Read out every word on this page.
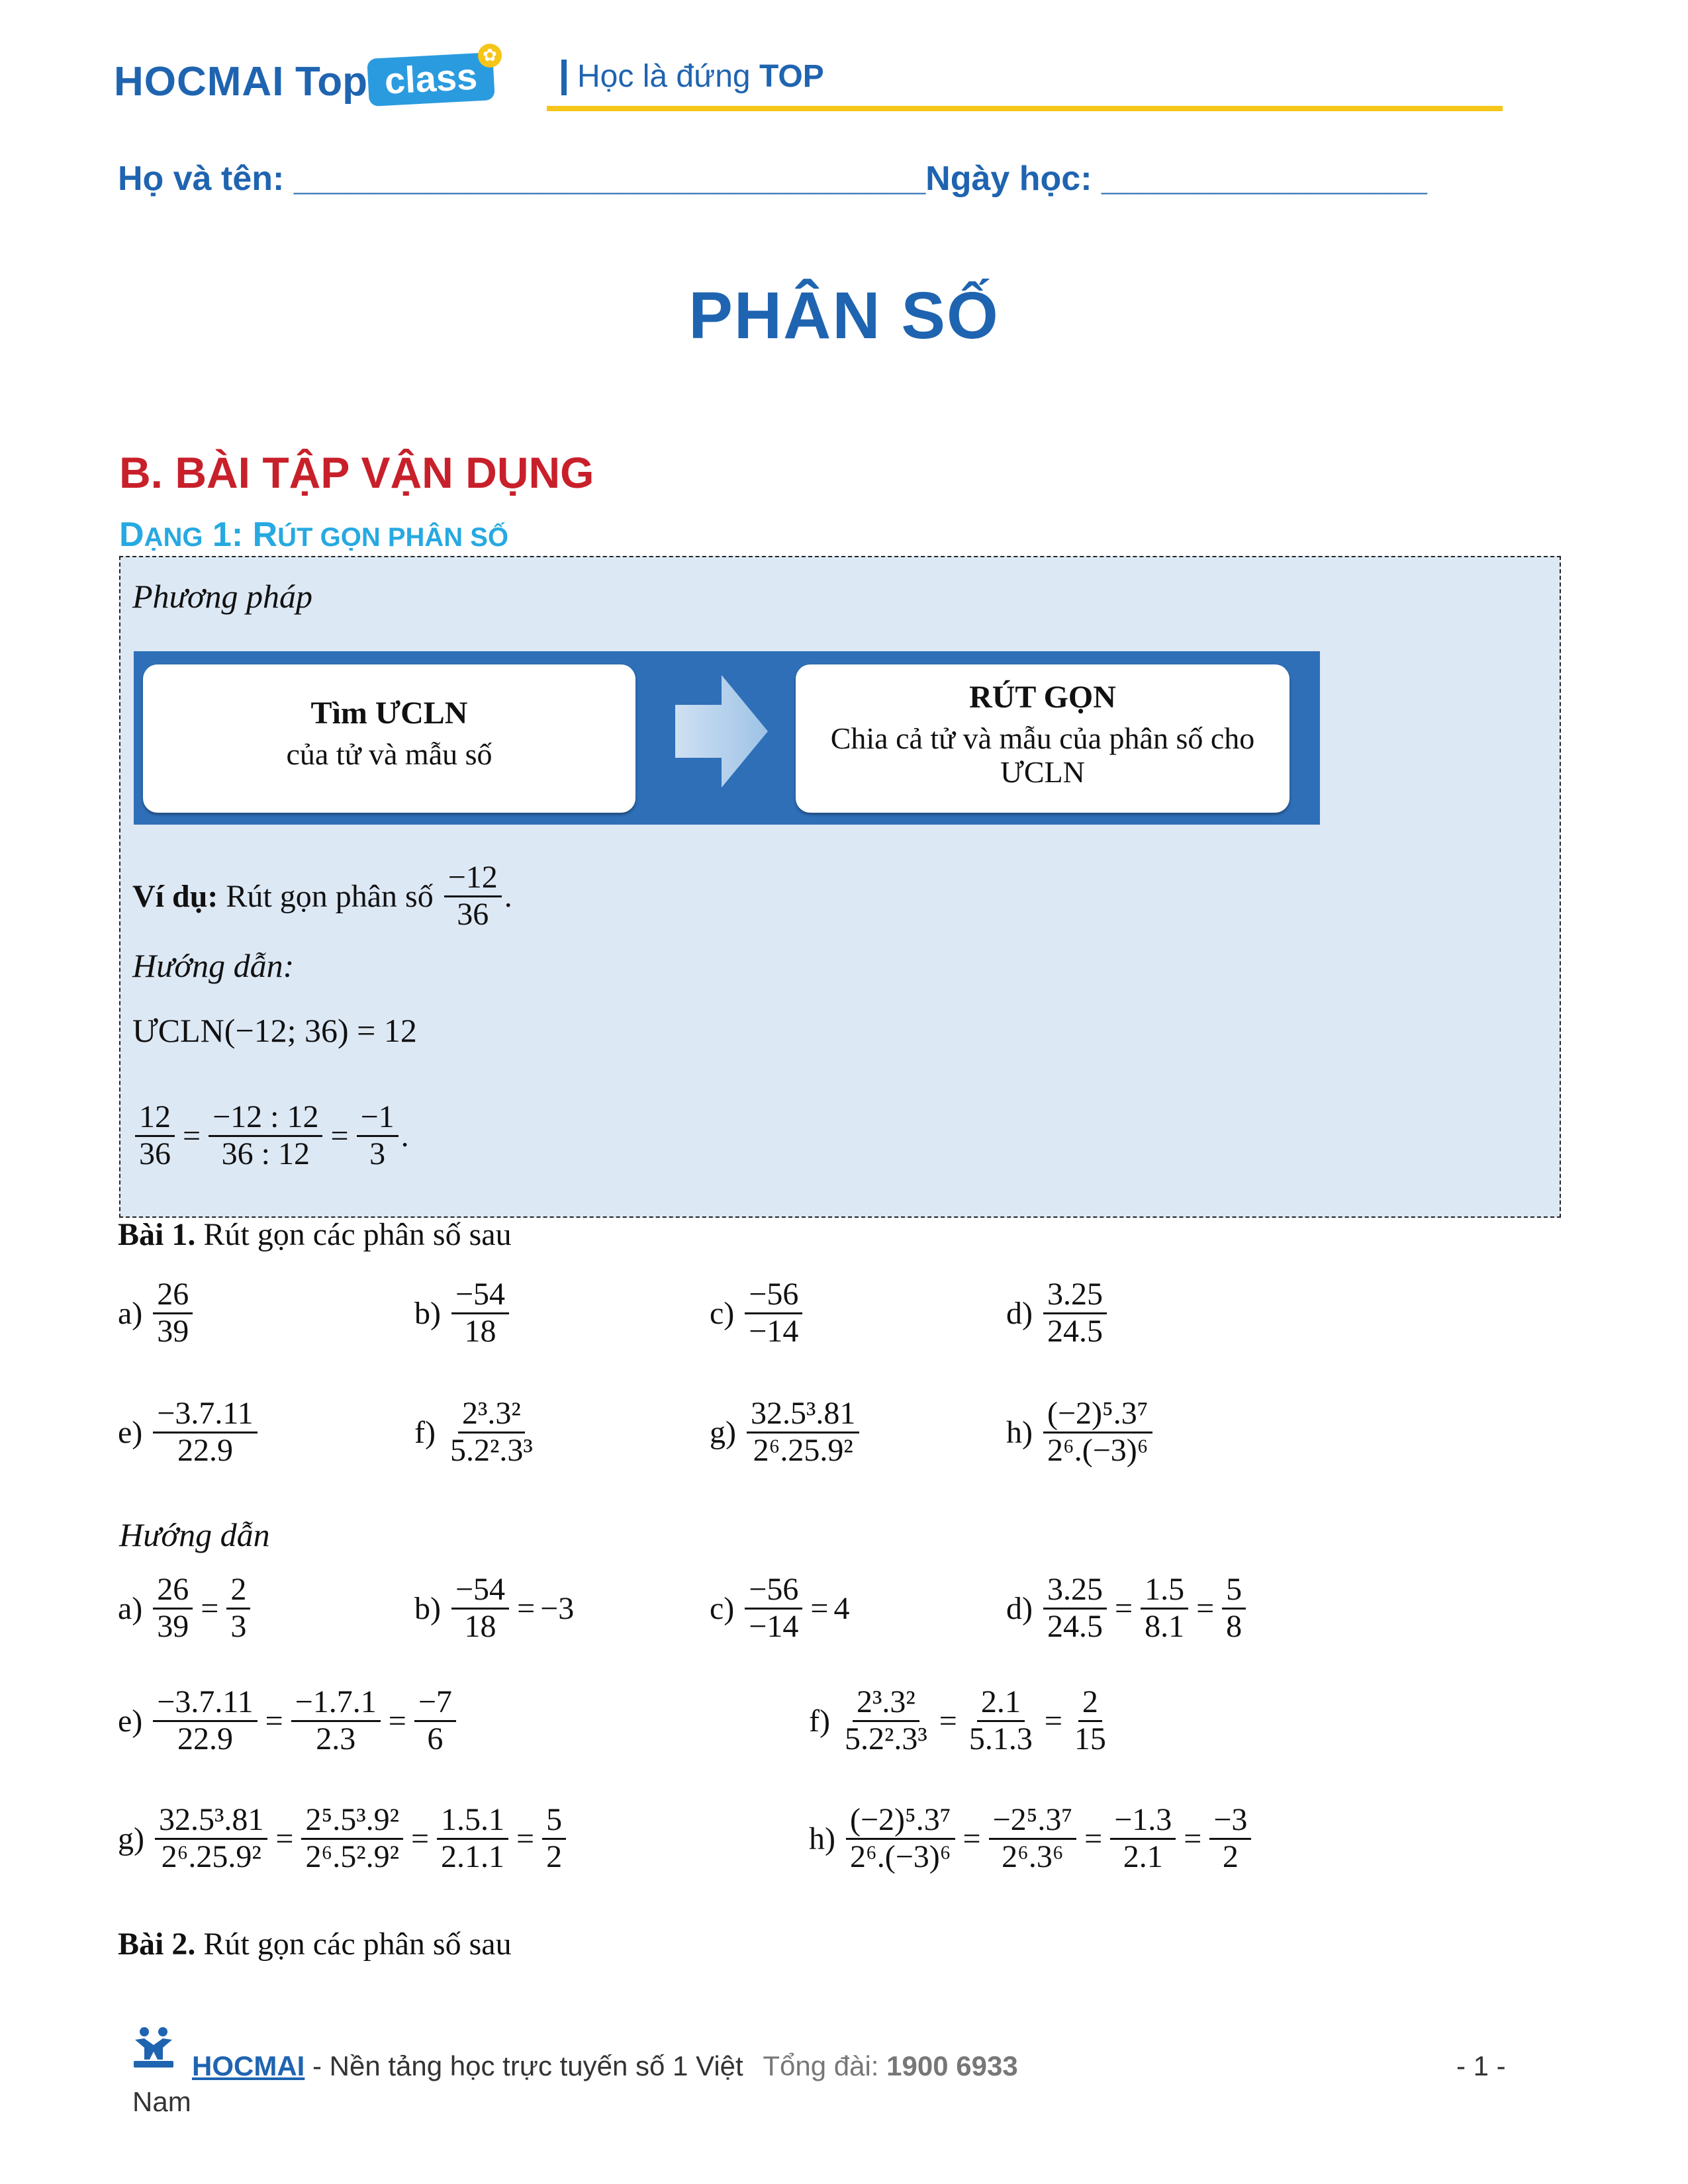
HOCMAI Top class ✿
Học là đứng TOP
Họ và tên: _________________________________Ngày học: _________________
PHÂN SỐ
B. BÀI TẬP VẬN DỤNG
DẠNG 1: RÚT GỌN PHÂN SỐ
Phương pháp
Tìm ƯCLN
của tử và mẫu số
RÚT GỌN
Chia cả tử và mẫu của phân số cho ƯCLN
Ví dụ: Rút gọn phân số $\frac{-12}{36}$ .
Hướng dẫn:
ƯCLN(−12; 36) = 12
$\frac{12}{36} = \frac{-12 : 12}{36 : 12} = \frac{-1}{3}$ .
Bài 1. Rút gọn các phân số sau
$a) \frac{26}{39}$	$b) \frac{-54}{18}$	$c) \frac{-56}{-14}$	$d) \frac{3.25}{24.5}$
$e) \frac{-3.7.11}{22.9}$	$f) \frac{\text{2³.3²}}{\text{5.2².3³}}$	$g) \frac{\text{32.5³.81}}{\text{2⁶.25.9²}}$	$h) \frac{\text{(−2)⁵.3⁷}}{\text{2⁶.(−3)⁶}}$
Hướng dẫn
$a) \frac{26}{39} = \frac{2}{3}$	$b) \frac{-54}{18} = -3$	$c) \frac{-56}{-14} = 4$	$d) \frac{3.25}{24.5} = \frac{1.5}{8.1} = \frac{5}{8}$
$e) \frac{-3.7.11}{22.9} = \frac{-1.7.1}{2.3} = \frac{-7}{6}$	$f) \frac{\text{2³.3²}}{\text{5.2².3³}} = \frac{2.1}{5.1.3} = \frac{2}{15}$
$g) \frac{\text{32.5³.81}}{\text{2⁶.25.9²}} = \frac{\text{2⁵.5³.9²}}{\text{2⁶.5².9²}} = \frac{1.5.1}{2.1.1} = \frac{5}{2}$	$h) \frac{\text{(−2)⁵.3⁷}}{\text{2⁶.(−3)⁶}} = \frac{\text{−2⁵.3⁷}}{\text{2⁶.3⁶}} = \frac{-1.3}{2.1} = \frac{-3}{2}$
Bài 2. Rút gọn các phân số sau
HOCMAI - Nền tảng học trực tuyến số 1 Việt Tổng đài: 1900 6933
Nam
- 1 -
